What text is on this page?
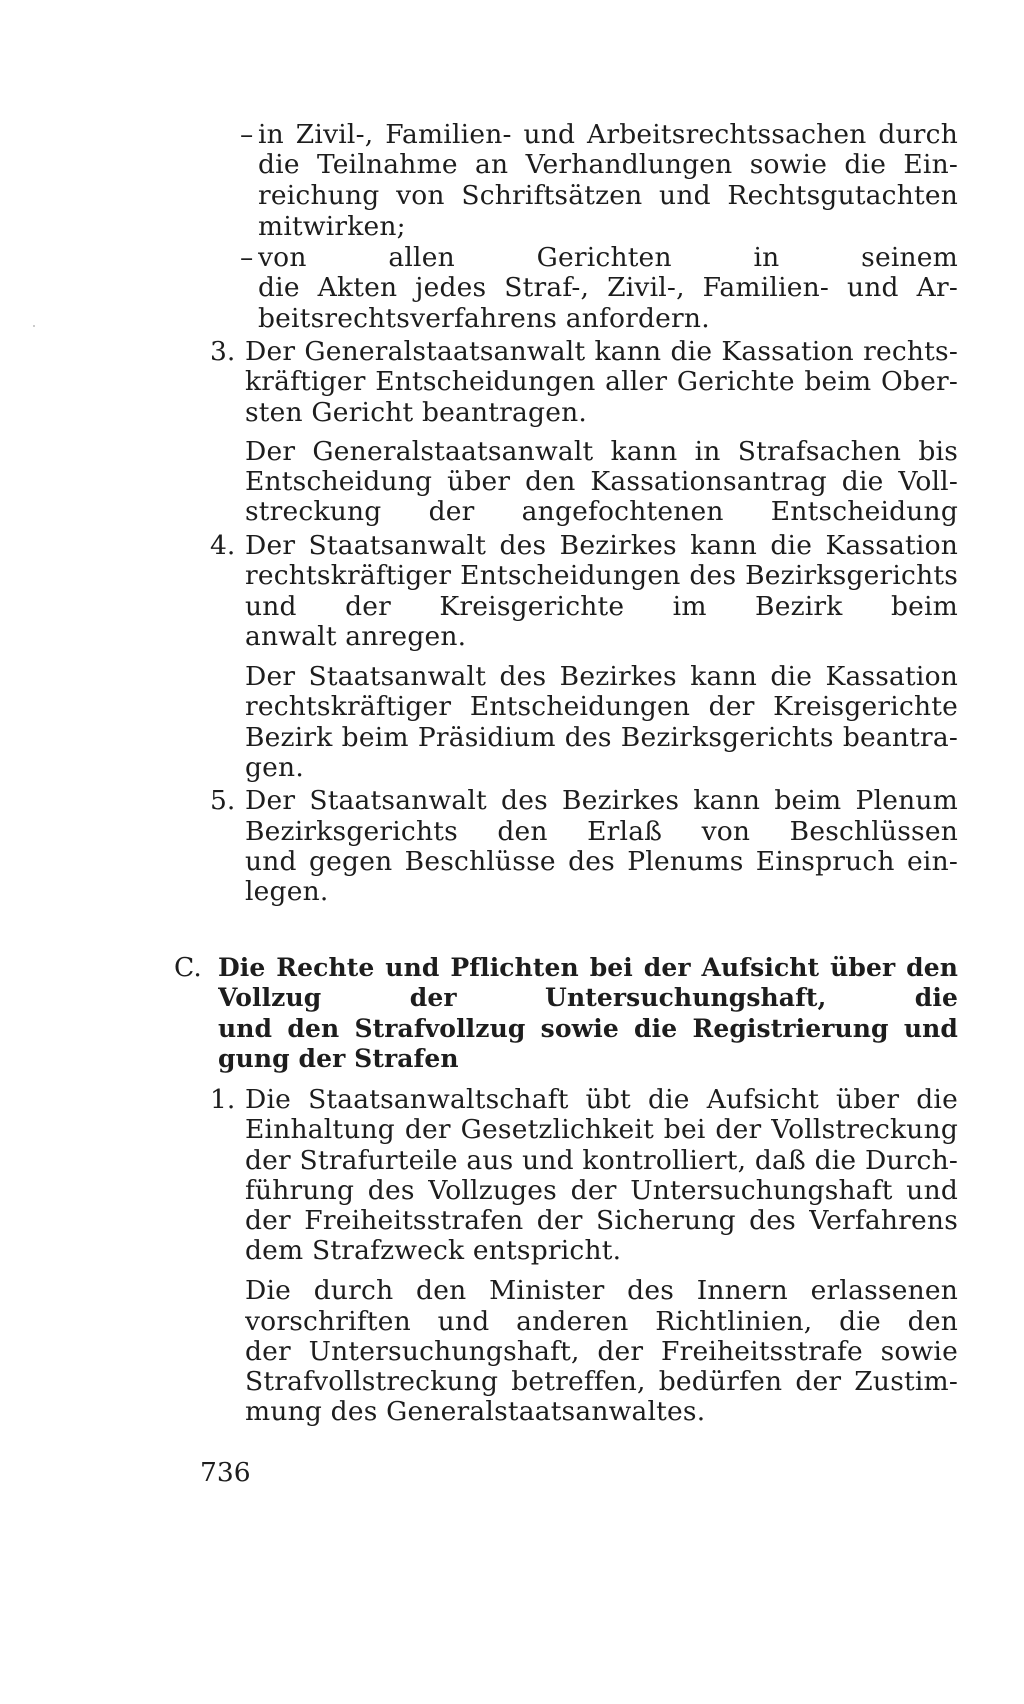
– in Zivil-, Familien- und Arbeitsrechtssachen durch
die Teilnahme an Verhandlungen sowie die Ein-
reichung von Schriftsätzen und Rechtsgutachten
mitwirken;
– von allen Gerichten in seinem
die Akten jedes Straf-, Zivil-, Familien- und Ar-
beitsrechtsverfahrens anfordern.
3. Der Generalstaatsanwalt kann die Kassation rechts-
kräftiger Entscheidungen aller Gerichte beim Ober-
sten Gericht beantragen.
Der Generalstaatsanwalt kann in Strafsachen bis
Entscheidung über den Kassationsantrag die Voll-
streckung der angefochtenen Entscheidung
4. Der Staatsanwalt des Bezirkes kann die Kassation
rechtskräftiger Entscheidungen des Bezirksgerichts
und der Kreisgerichte im Bezirk beim
anwalt anregen.
Der Staatsanwalt des Bezirkes kann die Kassation
rechtskräftiger Entscheidungen der Kreisgerichte
Bezirk beim Präsidium des Bezirksgerichts beantra-
gen.
5. Der Staatsanwalt des Bezirkes kann beim Plenum
Bezirksgerichts den Erlaß von Beschlüssen
und gegen Beschlüsse des Plenums Einspruch ein-
legen.
C. Die Rechte und Pflichten bei der Aufsicht über den
Vollzug der Untersuchungshaft, die
und den Strafvollzug sowie die Registrierung und
gung der Strafen
1. Die Staatsanwaltschaft übt die Aufsicht über die
Einhaltung der Gesetzlichkeit bei der Vollstreckung
der Strafurteile aus und kontrolliert, daß die Durch-
führung des Vollzuges der Untersuchungshaft und
der Freiheitsstrafen der Sicherung des Verfahrens
dem Strafzweck entspricht.
Die durch den Minister des Innern erlassenen
vorschriften und anderen Richtlinien, die den
der Untersuchungshaft, der Freiheitsstrafe sowie
Strafvollstreckung betreffen, bedürfen der Zustim-
mung des Generalstaatsanwaltes.
736
